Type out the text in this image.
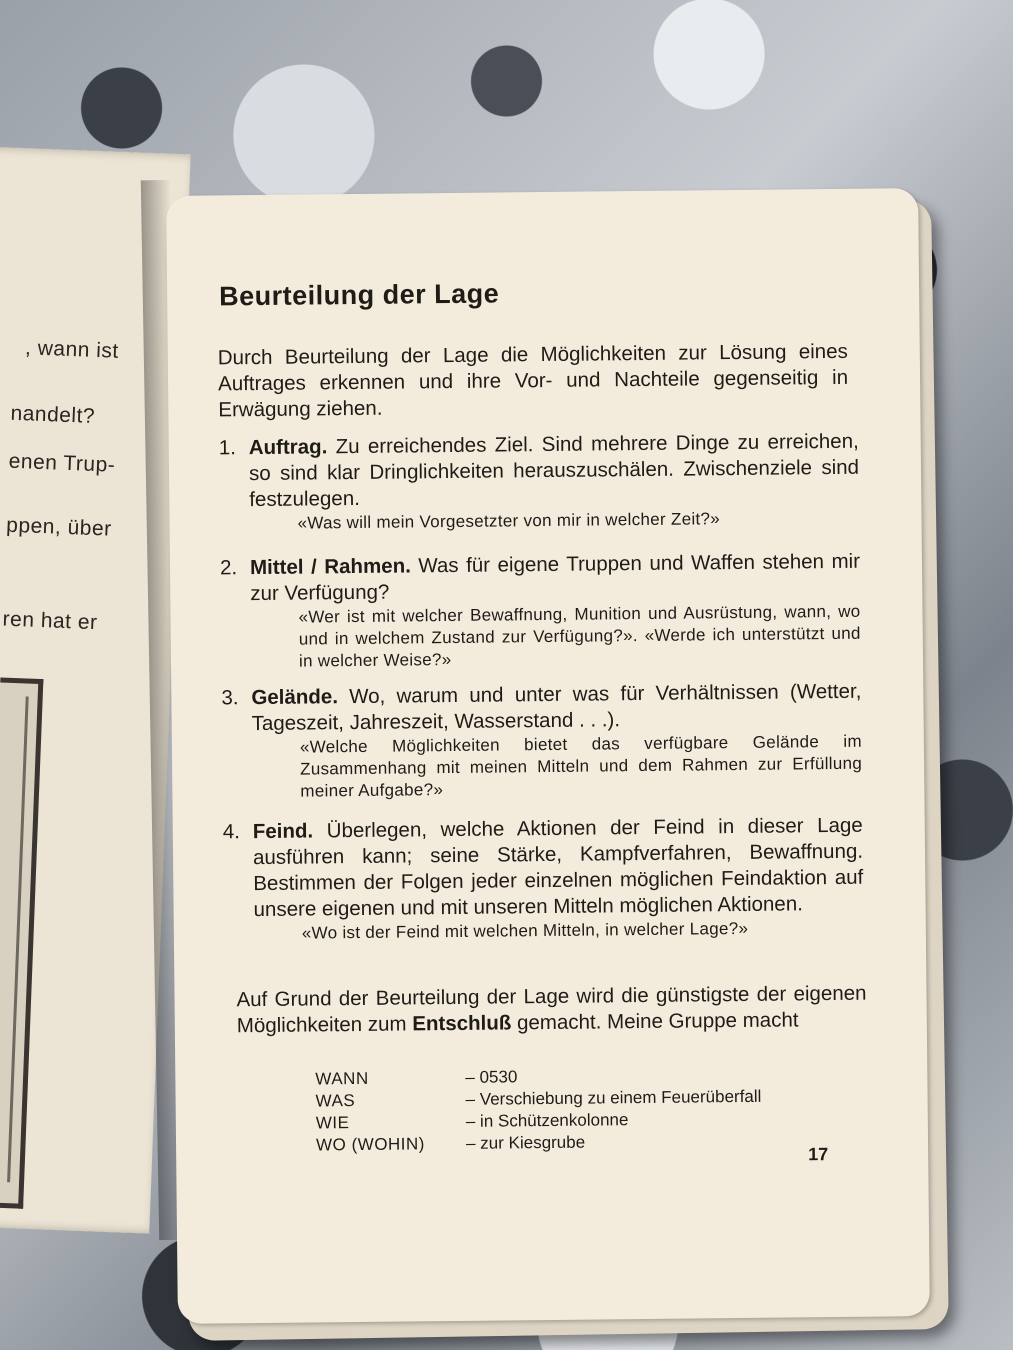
, wann ist
nandelt?
enen Trup-
ppen, über
ren hat er
Beurteilung der Lage

Durch Beurteilung der Lage die Möglichkeiten zur Lösung eines Auftrages erkennen und ihre Vor- und Nachteile gegenseitig in Erwägung ziehen.

1. Auftrag. Zu erreichendes Ziel. Sind mehrere Dinge zu erreichen, so sind klar Dringlichkeiten herauszuschälen. Zwischenziele sind festzulegen.
«Was will mein Vorgesetzter von mir in welcher Zeit?»
2. Mittel / Rahmen. Was für eigene Truppen und Waffen stehen mir zur Verfügung?
«Wer ist mit welcher Bewaffnung, Munition und Ausrüstung, wann, wo und in welchem Zustand zur Verfügung?». «Werde ich unterstützt und in welcher Weise?»
3. Gelände. Wo, warum und unter was für Verhältnissen (Wetter, Tageszeit, Jahreszeit, Wasserstand . . .).
«Welche Möglichkeiten bietet das verfügbare Gelände im Zusammenhang mit meinen Mitteln und dem Rahmen zur Erfüllung meiner Aufgabe?»
4. Feind. Überlegen, welche Aktionen der Feind in dieser Lage ausführen kann; seine Stärke, Kampfverfahren, Bewaffnung. Bestimmen der Folgen jeder einzelnen möglichen Feindaktion auf unsere eigenen und mit unseren Mitteln möglichen Aktionen.
«Wo ist der Feind mit welchen Mitteln, in welcher Lage?»

Auf Grund der Beurteilung der Lage wird die günstigste der eigenen Möglichkeiten zum Entschluß gemacht. Meine Gruppe macht

WANN	– 0530
WAS	– Verschiebung zu einem Feuerüberfall
WIE	– in Schützenkolonne
WO (WOHIN)	– zur Kiesgrube
17
